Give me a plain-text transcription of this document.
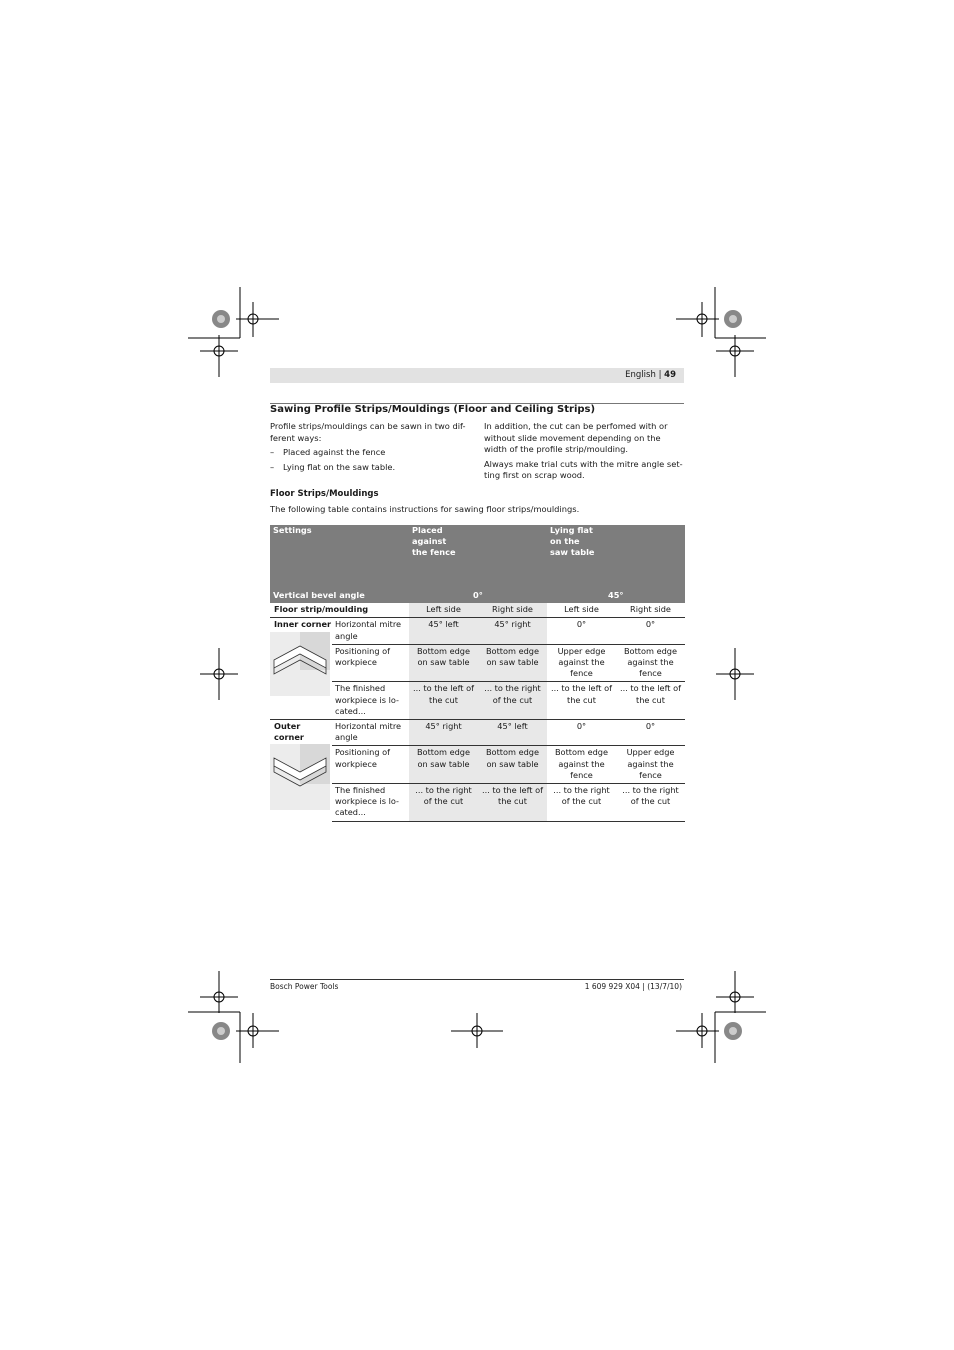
English | 49
Sawing Profile Strips/Mouldings (Floor and Ceiling Strips)

Profile strips/mouldings can be sawn in two dif-
ferent ways:

– Placed against the fence
– Lying flat on the saw table.

In addition, the cut can be perfomed with or
without slide movement depending on the
width of the profile strip/moulding.

Always make trial cuts with the mitre angle set-
ting first on scrap wood.

Floor Strips/Mouldings
The following table contains instructions for sawing floor strips/mouldings.
Settings		Placed
against
the fence		Lying flat
on the
saw table	
Vertical bevel angle		0°		45°	
Floor strip/moulding		Left side	Right side	Left side	Right side

Inner corner	Horizontal mitre
angle	45° left	45° right	0°	0°
	Positioning of
workpiece	Bottom edge
on saw table	Bottom edge
on saw table	Upper edge
against the
fence	Bottom edge
against the
fence
	The finished
workpiece is lo-
cated...	... to the left of
the cut	... to the right
of the cut	... to the left of
the cut	... to the left of
the cut

Outer
corner	Horizontal mitre
angle	45° right	45° left	0°	0°
	Positioning of
workpiece	Bottom edge
on saw table	Bottom edge
on saw table	Bottom edge
against the
fence	Upper edge
against the
fence
	The finished
workpiece is lo-
cated...	... to the right
of the cut	... to the left of
the cut	... to the right
of the cut	... to the right
of the cut
Bosch Power Tools	1 609 929 X04 | (13/7/10)
